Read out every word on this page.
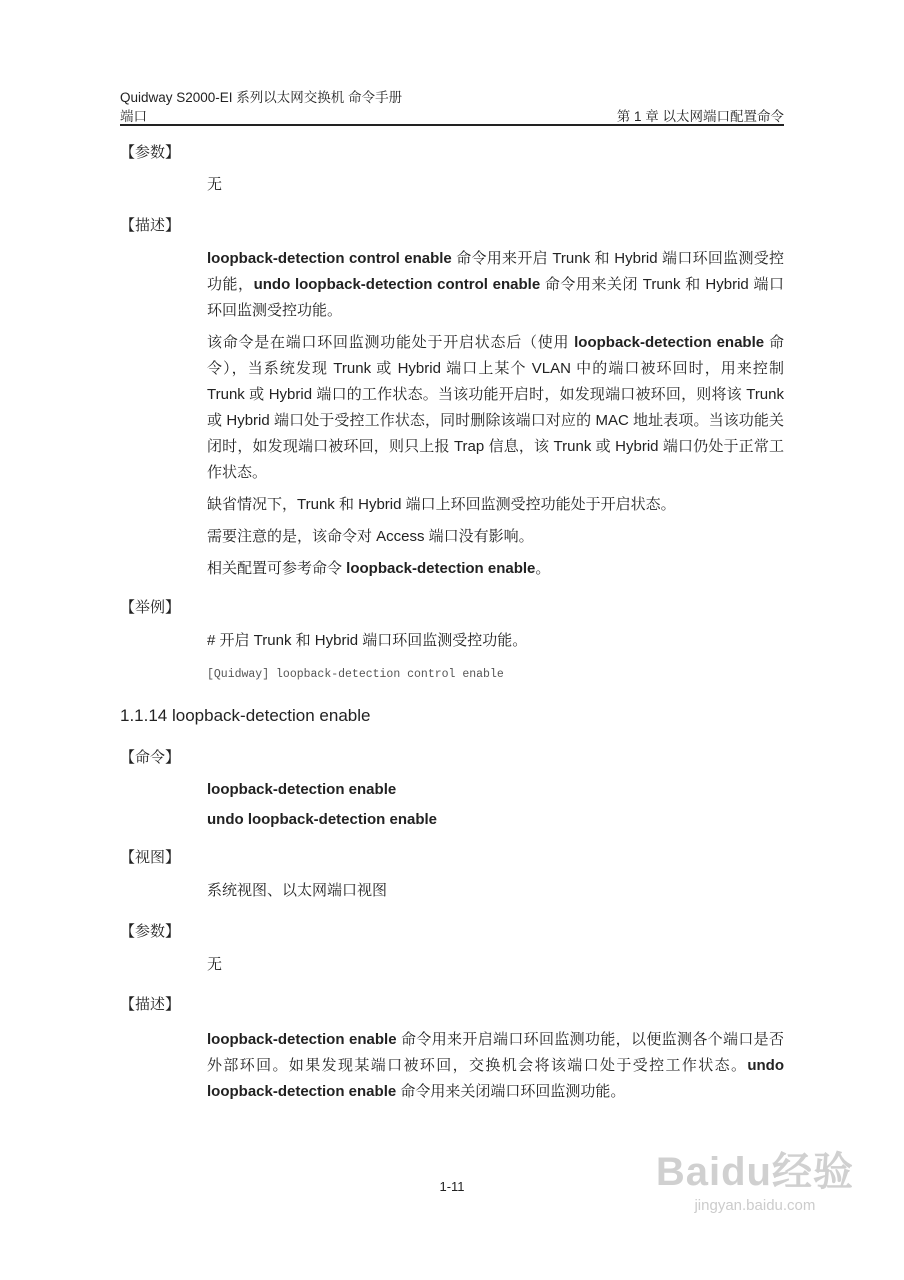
Quidway S2000-EI 系列以太网交换机 命令手册
端口	第 1 章 以太网端口配置命令
【参数】
无
【描述】
loopback-detection control enable 命令用来开启 Trunk 和 Hybrid 端口环回监测受控功能，undo loopback-detection control enable 命令用来关闭 Trunk 和 Hybrid 端口环回监测受控功能。
该命令是在端口环回监测功能处于开启状态后（使用 loopback-detection enable 命令），当系统发现 Trunk 或 Hybrid 端口上某个 VLAN 中的端口被环回时，用来控制 Trunk 或 Hybrid 端口的工作状态。当该功能开启时，如发现端口被环回，则将该 Trunk 或 Hybrid 端口处于受控工作状态，同时删除该端口对应的 MAC 地址表项。当该功能关闭时，如发现端口被环回，则只上报 Trap 信息，该 Trunk 或 Hybrid 端口仍处于正常工作状态。
缺省情况下，Trunk 和 Hybrid 端口上环回监测受控功能处于开启状态。
需要注意的是，该命令对 Access 端口没有影响。
相关配置可参考命令 loopback-detection enable。
【举例】
# 开启 Trunk 和 Hybrid 端口环回监测受控功能。
[Quidway] loopback-detection control enable
1.1.14 loopback-detection enable
【命令】
loopback-detection enable
undo loopback-detection enable
【视图】
系统视图、以太网端口视图
【参数】
无
【描述】
loopback-detection enable 命令用来开启端口环回监测功能，以便监测各个端口是否外部环回。如果发现某端口被环回，交换机会将该端口处于受控工作状态。undo loopback-detection enable 命令用来关闭端口环回监测功能。
1-11	Baidu经验
jingyan.baidu.com
